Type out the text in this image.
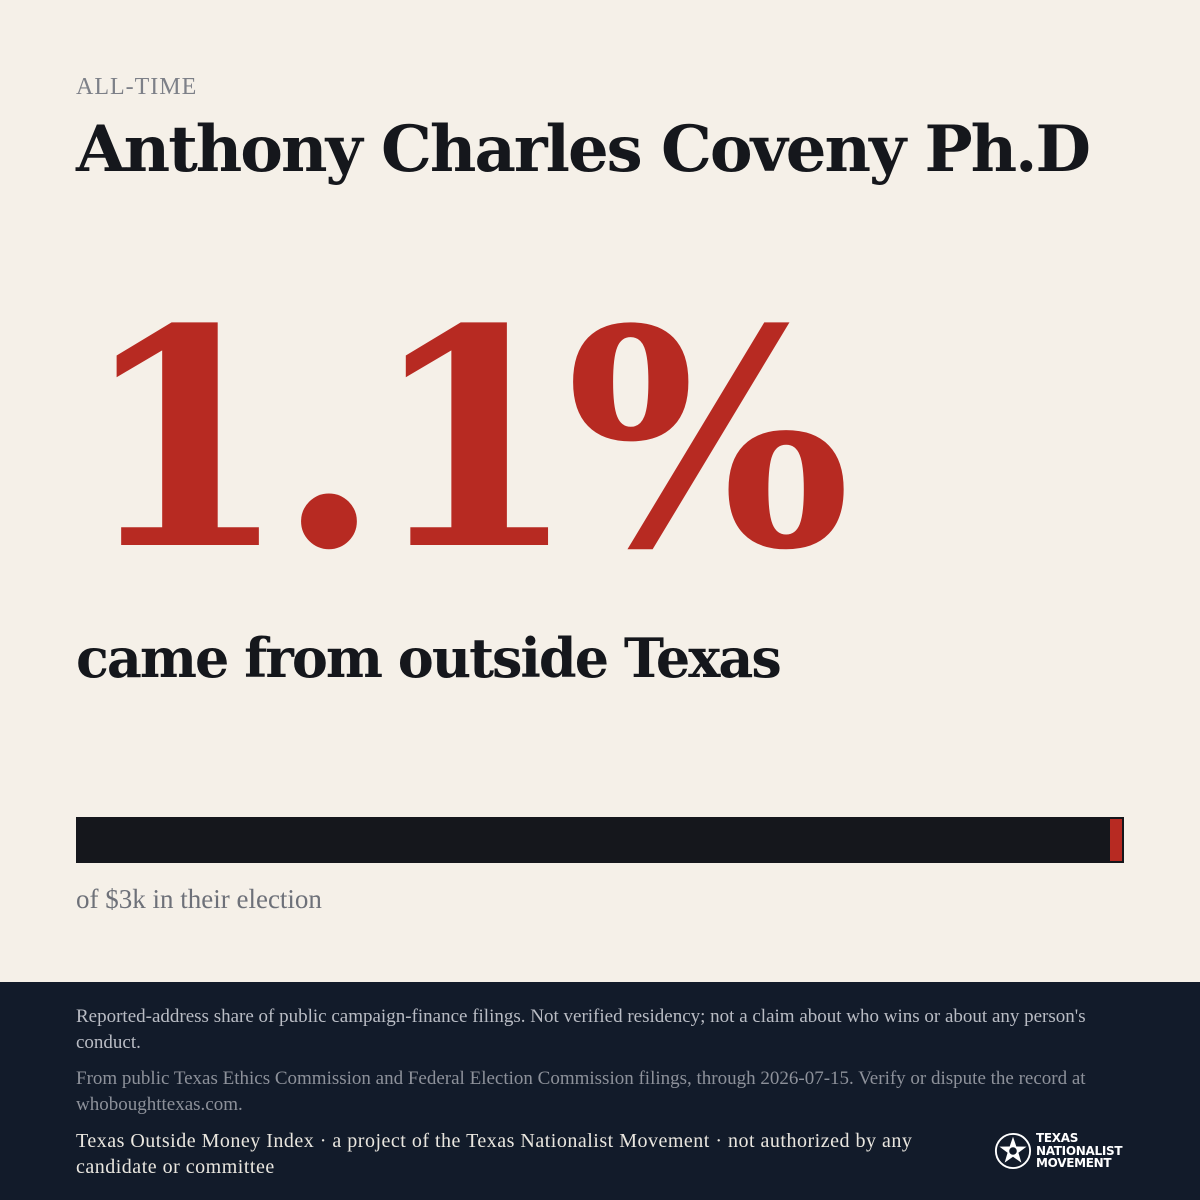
ALL-TIME
Anthony Charles Coveny Ph.D
1.1%
came from outside Texas
of $3k in their election
Reported-address share of public campaign-finance filings. Not verified residency; not a claim about who wins or about any person's conduct.
From public Texas Ethics Commission and Federal Election Commission filings, through 2026-07-15. Verify or dispute the record at whoboughttexas.com.
Texas Outside Money Index · a project of the Texas Nationalist Movement · not authorized by any candidate or committee
TEXAS
NATIONALIST
MOVEMENT
